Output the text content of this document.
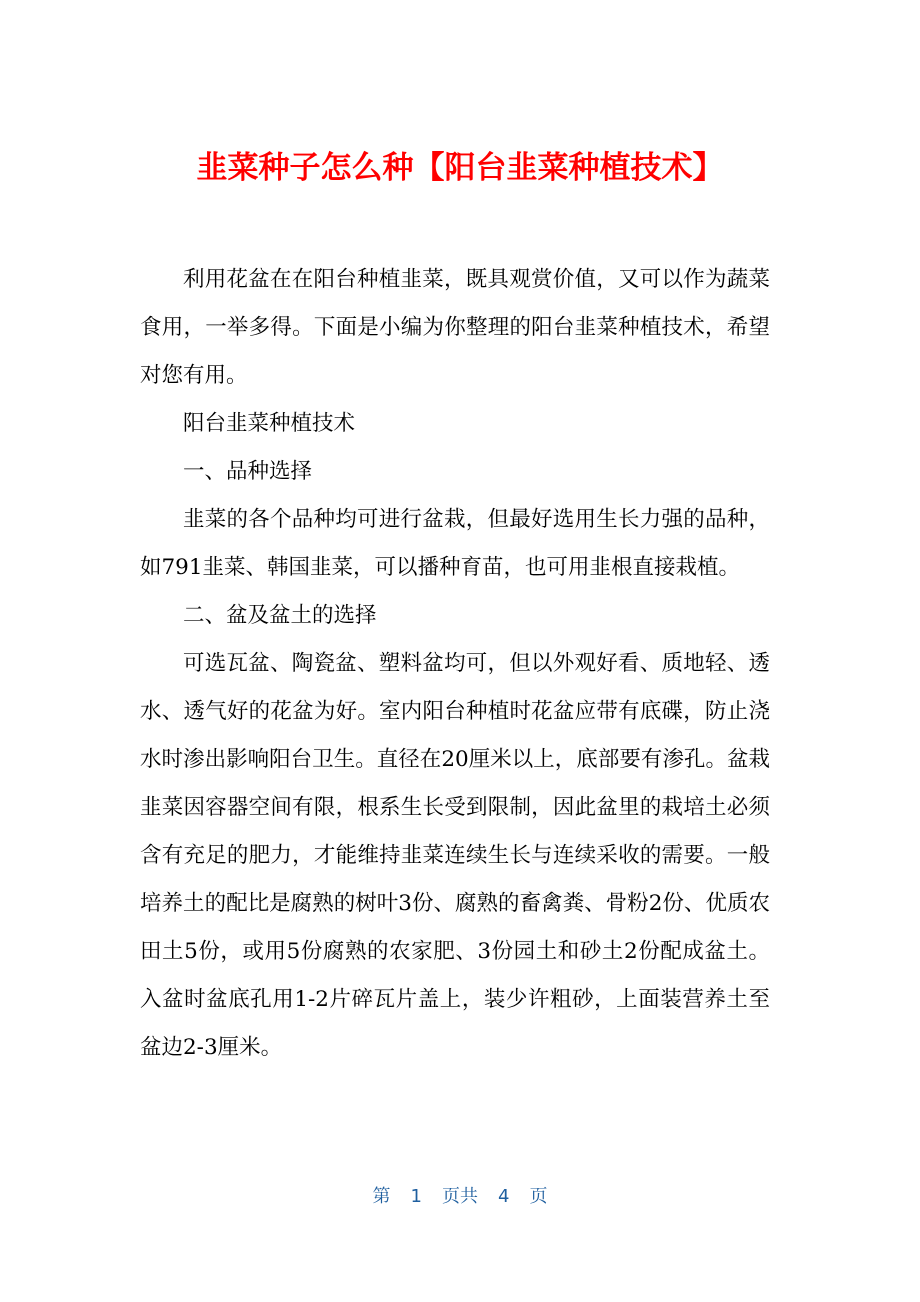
韭菜种子怎么种【阳台韭菜种植技术】

利用花盆在在阳台种植韭菜，既具观赏价值，又可以作为蔬菜食用，一举多得。下面是小编为你整理的阳台韭菜种植技术，希望对您有用。

阳台韭菜种植技术

一、品种选择

韭菜的各个品种均可进行盆栽，但最好选用生长力强的品种，如791韭菜、韩国韭菜，可以播种育苗，也可用韭根直接栽植。

二、盆及盆土的选择

可选瓦盆、陶瓷盆、塑料盆均可，但以外观好看、质地轻、透水、透气好的花盆为好。室内阳台种植时花盆应带有底碟，防止浇水时渗出影响阳台卫生。直径在20厘米以上，底部要有渗孔。盆栽韭菜因容器空间有限，根系生长受到限制，因此盆里的栽培土必须含有充足的肥力，才能维持韭菜连续生长与连续采收的需要。一般培养土的配比是腐熟的树叶3份、腐熟的畜禽粪、骨粉2份、优质农田土5份，或用5份腐熟的农家肥、3份园土和砂土2份配成盆土。入盆时盆底孔用1-2片碎瓦片盖上，装少许粗砂，上面装营养土至盆边2-3厘米。

第 1 页共 4 页
